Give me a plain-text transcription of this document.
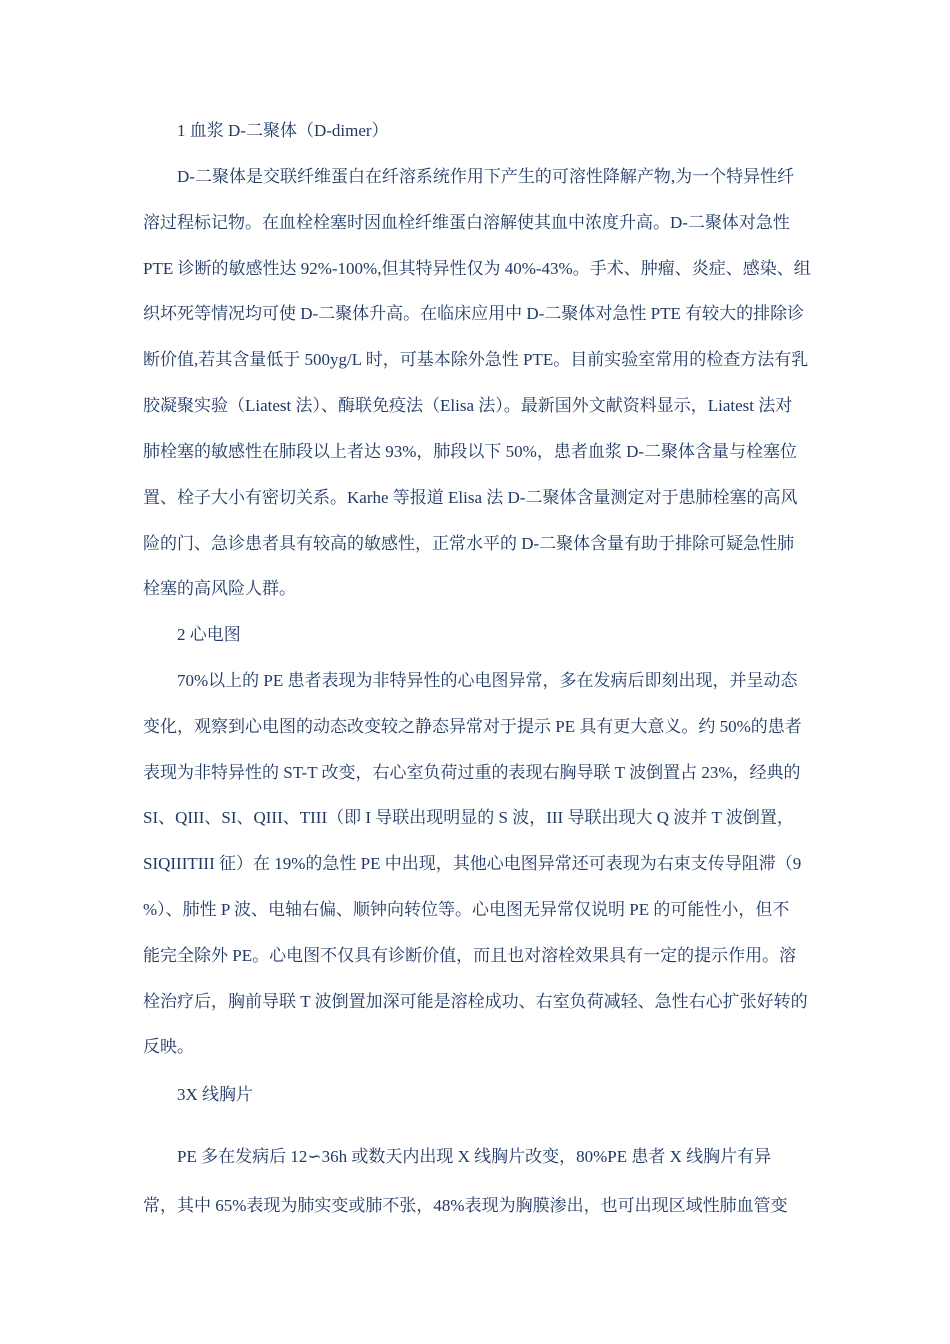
1 血浆 D-二聚体（D-dimer）
D-二聚体是交联纤维蛋白在纤溶系统作用下产生的可溶性降解产物,为一个特异性纤
溶过程标记物。在血栓栓塞时因血栓纤维蛋白溶解使其血中浓度升高。D-二聚体对急性
PTE 诊断的敏感性达 92%-100%,但其特异性仅为 40%-43%。手术、肿瘤、炎症、感染、组
织坏死等情况均可使 D-二聚体升高。在临床应用中 D-二聚体对急性 PTE 有较大的排除诊
断价值,若其含量低于 500yg/L 时，可基本除外急性 PTE。目前实验室常用的检查方法有乳
胶凝聚实验（Liatest 法）、酶联免疫法（Elisa 法）。最新国外文献资料显示，Liatest 法对
肺栓塞的敏感性在肺段以上者达 93%，肺段以下 50%，患者血浆 D-二聚体含量与栓塞位
置、栓子大小有密切关系。Karhe 等报道 Elisa 法 D-二聚体含量测定对于患肺栓塞的高风
险的门、急诊患者具有较高的敏感性，正常水平的 D-二聚体含量有助于排除可疑急性肺
栓塞的高风险人群。
2 心电图
70%以上的 PE 患者表现为非特异性的心电图异常，多在发病后即刻出现，并呈动态
变化，观察到心电图的动态改变较之静态异常对于提示 PE 具有更大意义。约 50%的患者
表现为非特异性的 ST-T 改变，右心室负荷过重的表现右胸导联 T 波倒置占 23%，经典的
SI、QIII、SI、QIII、TIII（即 I 导联出现明显的 S 波，III 导联出现大 Q 波并 T 波倒置，
SIQIIITIII 征）在 19%的急性 PE 中出现，其他心电图异常还可表现为右束支传导阻滞（9
%）、肺性 P 波、电轴右偏、顺钟向转位等。心电图无异常仅说明 PE 的可能性小，但不
能完全除外 PE。心电图不仅具有诊断价值，而且也对溶栓效果具有一定的提示作用。溶
栓治疗后，胸前导联 T 波倒置加深可能是溶栓成功、右室负荷减轻、急性右心扩张好转的
反映。
3X 线胸片
PE 多在发病后 12∽36h 或数天内出现 X 线胸片改变，80%PE 患者 X 线胸片有异
常，其中 65%表现为肺实变或肺不张，48%表现为胸膜渗出，也可出现区域性肺血管变
